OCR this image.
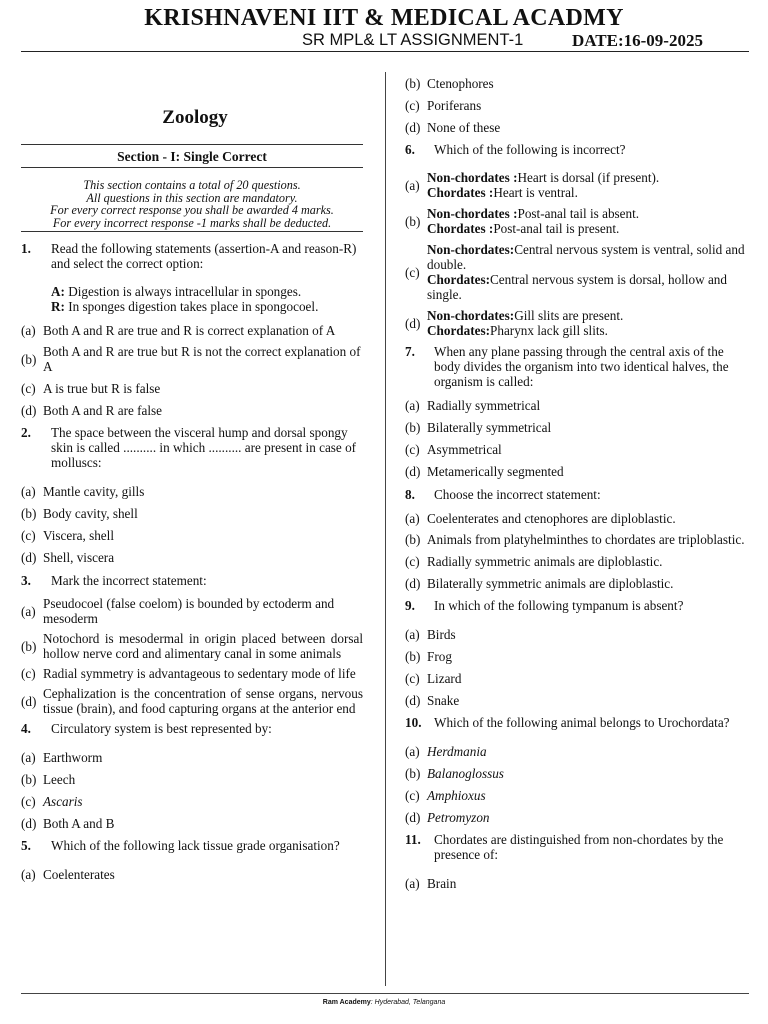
KRISHNAVENI IIT & MEDICAL ACADMY
SR MPL& LT ASSIGNMENT-1	DATE:16-09-2025
Zoology
Section - I: Single Correct
This section contains a total of 20 questions.
All questions in this section are mandatory.
For every correct response you shall be awarded 4 marks.
For every incorrect response -1 marks shall be deducted.
1.	Read the following statements (assertion-A and reason-R) and select the correct option:
A: Digestion is always intracellular in sponges.
R: In sponges digestion takes place in spongocoel.
(a) Both A and R are true and R is correct explanation of A
(b) Both A and R are true but R is not the correct explanation of A
(c) A is true but R is false
(d) Both A and R are false
2.	The space between the visceral hump and dorsal spongy skin is called .......... in which .......... are present in case of molluscs:
(a) Mantle cavity, gills
(b) Body cavity, shell
(c) Viscera, shell
(d) Shell, viscera
3.	Mark the incorrect statement:
(a) Pseudocoel (false coelom) is bounded by ectoderm and mesoderm
(b) Notochord is mesodermal in origin placed between dorsal hollow nerve cord and alimentary canal in some animals
(c) Radial symmetry is advantageous to sedentary mode of life
(d) Cephalization is the concentration of sense organs, nervous tissue (brain), and food capturing organs at the anterior end
4.	Circulatory system is best represented by:
(a) Earthworm
(b) Leech
(c) Ascaris
(d) Both A and B
5.	Which of the following lack tissue grade organisation?
(a) Coelenterates
(b) Ctenophores
(c) Poriferans
(d) None of these
6.	Which of the following is incorrect?
(a) Non-chordates :Heart is dorsal (if present).
Chordates :Heart is ventral.
(b) Non-chordates :Post-anal tail is absent.
Chordates :Post-anal tail is present.
(c)
Non-chordates:Central nervous system is ventral, solid and double.
Chordates:Central nervous system is dorsal, hollow and single.
(d) Non-chordates:Gill slits are present.
Chordates:Pharynx lack gill slits.
7.	When any plane passing through the central axis of the body divides the organism into two identical halves, the organism is called:
(a) Radially symmetrical
(b) Bilaterally symmetrical
(c) Asymmetrical
(d) Metamerically segmented
8.	Choose the incorrect statement:
(a) Coelenterates and ctenophores are diploblastic.
(b) Animals from platyhelminthes to chordates are triploblastic.
(c) Radially symmetric animals are diploblastic.
(d) Bilaterally symmetric animals are diploblastic.
9.	In which of the following tympanum is absent?
(a) Birds
(b) Frog
(c) Lizard
(d) Snake
10. Which of the following animal belongs to Urochordata?
(a) Herdmania
(b) Balanoglossus
(c) Amphioxus
(d) Petromyzon
11.	Chordates are distinguished from non-chordates by the presence of:
(a) Brain
Ram Academy: Hyderabad, Telangana
